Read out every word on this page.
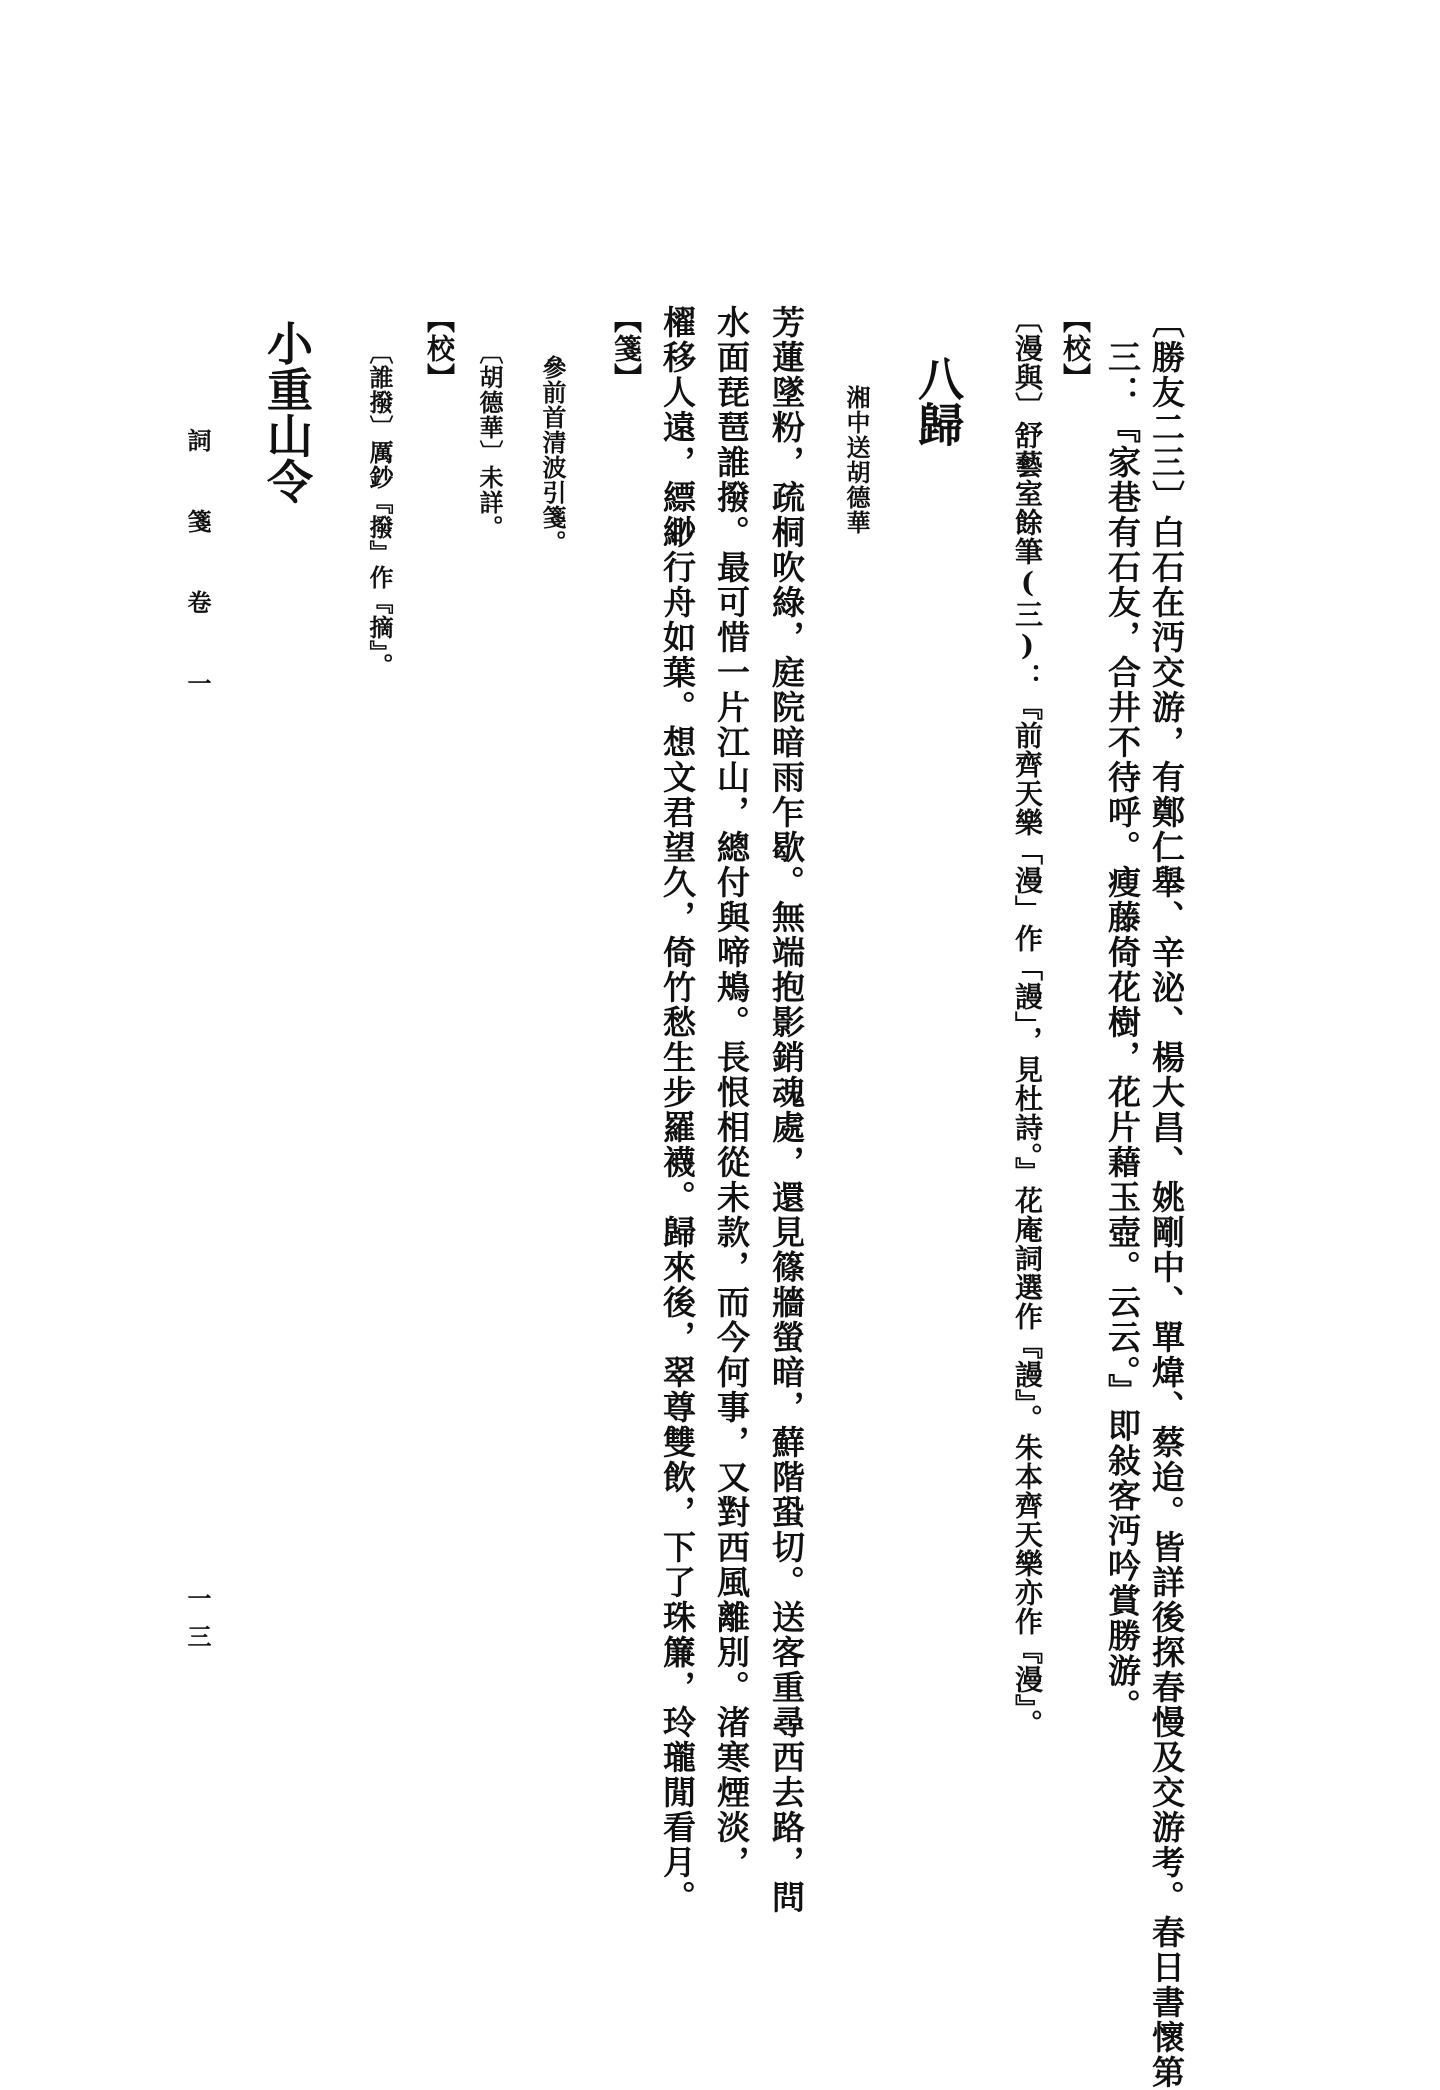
詞 箋 卷 一
一三	〔勝友二三〕白石在沔交游，有鄭仁舉、辛泌、楊大昌、姚剛中、單煒、蔡迨。皆詳後探春慢及交游考。春日書懷第
三：『家巷有石友，合井不待呼。瘦藤倚花樹，花片藉玉壺。云云。』即敍客沔吟賞勝游。
【校】
〔漫與〕舒藝室餘筆(三)：『前齊天樂「漫」作「謾」，見杜詩。』花庵詞選作『謾』。朱本齊天樂亦作『漫』。
八歸
湘中送胡德華
芳蓮墜粉，疏桐吹綠，庭院暗雨乍歇。無端抱影銷魂處，還見篠牆螢暗，蘚階蛩切。送客重尋西去路，問
水面琵琶誰撥。最可惜一片江山，總付與啼鴂。長恨相從未款，而今何事，又對西風離別。渚寒煙淡，
櫂移人遠，縹緲行舟如葉。想文君望久，倚竹愁生步羅襪。歸來後，翠尊雙飲，下了珠簾，玲瓏閒看月。
【箋】
參前首清波引箋。
〔胡德華〕未詳。
【校】
〔誰撥〕厲鈔『撥』作『摘』。
小重山令
